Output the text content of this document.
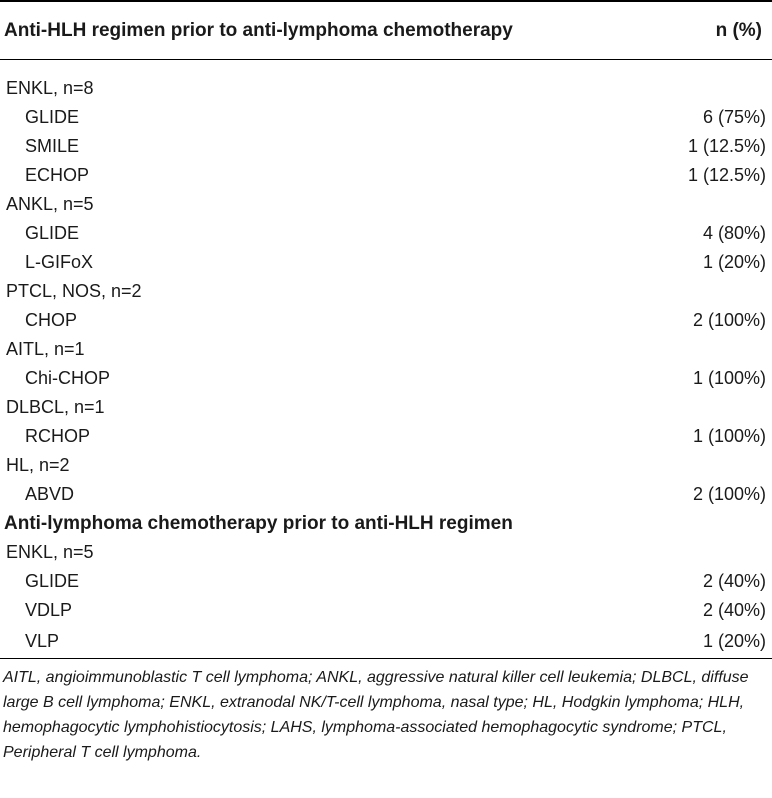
Anti-HLH regimen prior to anti-lymphoma chemotherapy	n (%)
ENKL, n=8	
GLIDE	6 (75%)
SMILE	1 (12.5%)
ECHOP	1 (12.5%)
ANKL, n=5	
GLIDE	4 (80%)
L-GIFoX	1 (20%)
PTCL, NOS, n=2	
CHOP	2 (100%)
AITL, n=1	
Chi-CHOP	1 (100%)
DLBCL, n=1	
RCHOP	1 (100%)
HL, n=2	
ABVD	2 (100%)
Anti-lymphoma chemotherapy prior to anti-HLH regimen	
ENKL, n=5	
GLIDE	2 (40%)
VDLP	2 (40%)
VLP	1 (20%)

AITL, angioimmunoblastic T cell lymphoma; ANKL, aggressive natural killer cell leukemia; DLBCL, diffuse large B cell lymphoma; ENKL, extranodal NK/T-cell lymphoma, nasal type; HL, Hodgkin lymphoma; HLH, hemophagocytic lymphohistiocytosis; LAHS, lymphoma-associated hemophagocytic syndrome; PTCL, Peripheral T cell lymphoma.
